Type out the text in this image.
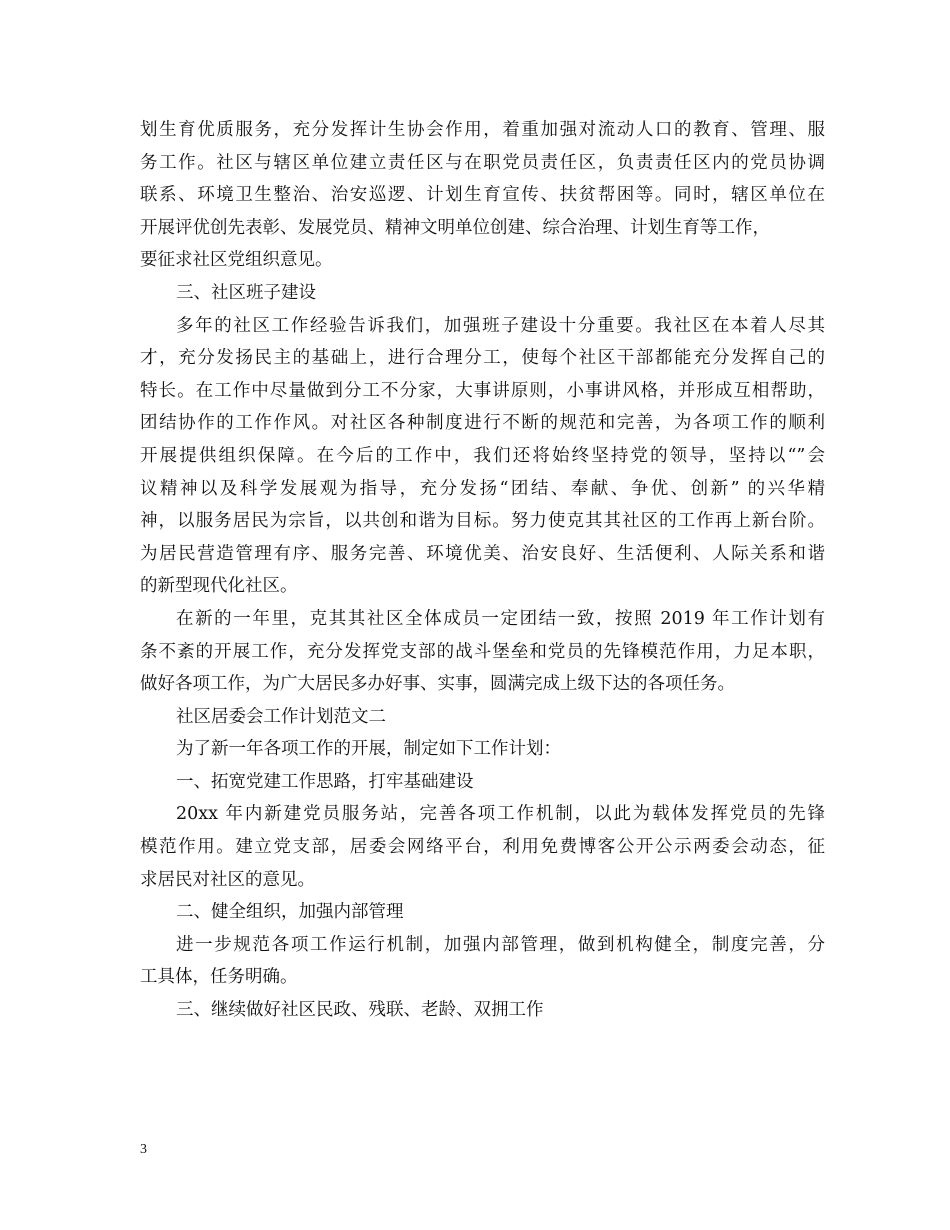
划生育优质服务，充分发挥计生协会作用，着重加强对流动人口的教育、管理、服
务工作。社区与辖区单位建立责任区与在职党员责任区，负责责任区内的党员协调
联系、环境卫生整治、治安巡逻、计划生育宣传、扶贫帮困等。同时，辖区单位在
开展评优创先表彰、发展党员、精神文明单位创建、综合治理、计划生育等工作，
要征求社区党组织意见。
三、社区班子建设
多年的社区工作经验告诉我们，加强班子建设十分重要。我社区在本着人尽其
才，充分发扬民主的基础上，进行合理分工，使每个社区干部都能充分发挥自己的
特长。在工作中尽量做到分工不分家，大事讲原则，小事讲风格，并形成互相帮助，
团结协作的工作作风。对社区各种制度进行不断的规范和完善，为各项工作的顺利
开展提供组织保障。在今后的工作中，我们还将始终坚持党的领导，坚持以“”会
议精神以及科学发展观为指导，充分发扬“团结、奉献、争优、创新” 的兴华精
神，以服务居民为宗旨，以共创和谐为目标。努力使克其其社区的工作再上新台阶。
为居民营造管理有序、服务完善、环境优美、治安良好、生活便利、人际关系和谐
的新型现代化社区。
在新的一年里，克其其社区全体成员一定团结一致，按照 2019 年工作计划有
条不紊的开展工作，充分发挥党支部的战斗堡垒和党员的先锋模范作用，力足本职，
做好各项工作，为广大居民多办好事、实事，圆满完成上级下达的各项任务。
社区居委会工作计划范文二
为了新一年各项工作的开展，制定如下工作计划：
一、拓宽党建工作思路，打牢基础建设
20xx 年内新建党员服务站，完善各项工作机制，以此为载体发挥党员的先锋
模范作用。建立党支部，居委会网络平台，利用免费博客公开公示两委会动态，征
求居民对社区的意见。
二、健全组织，加强内部管理
进一步规范各项工作运行机制，加强内部管理，做到机构健全，制度完善，分
工具体，任务明确。
三、继续做好社区民政、残联、老龄、双拥工作
3
